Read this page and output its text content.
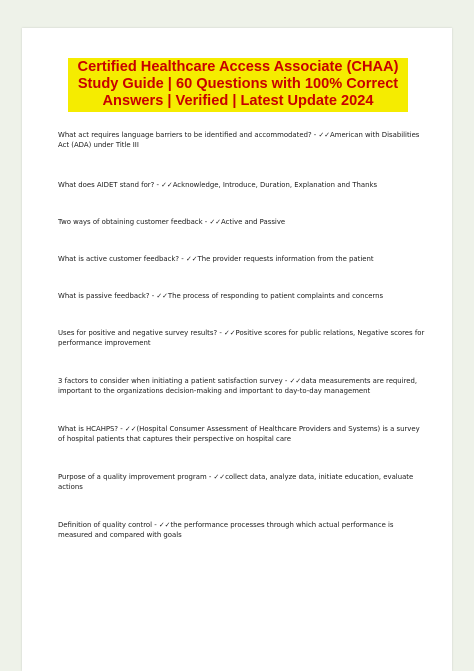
Certified Healthcare Access Associate (CHAA)
Study Guide | 60 Questions with 100% Correct
Answers | Verified | Latest Update 2024
What act requires language barriers to be identified and accommodated? - ✓✓American with Disabilities Act (ADA) under Title III
What does AIDET stand for? - ✓✓Acknowledge, Introduce, Duration, Explanation and Thanks
Two ways of obtaining customer feedback - ✓✓Active and Passive
What is active customer feedback? - ✓✓The provider requests information from the patient
What is passive feedback? - ✓✓The process of responding to patient complaints and concerns
Uses for positive and negative survey results? - ✓✓Positive scores for public relations, Negative scores for performance improvement
3 factors to consider when initiating a patient satisfaction survey - ✓✓data measurements are required, important to the organizations decision-making and important to day-to-day management
What is HCAHPS? - ✓✓(Hospital Consumer Assessment of Healthcare Providers and Systems) is a survey of hospital patients that captures their perspective on hospital care
Purpose of a quality improvement program - ✓✓collect data, analyze data, initiate education, evaluate actions
Definition of quality control - ✓✓the performance processes through which actual performance is measured and compared with goals
